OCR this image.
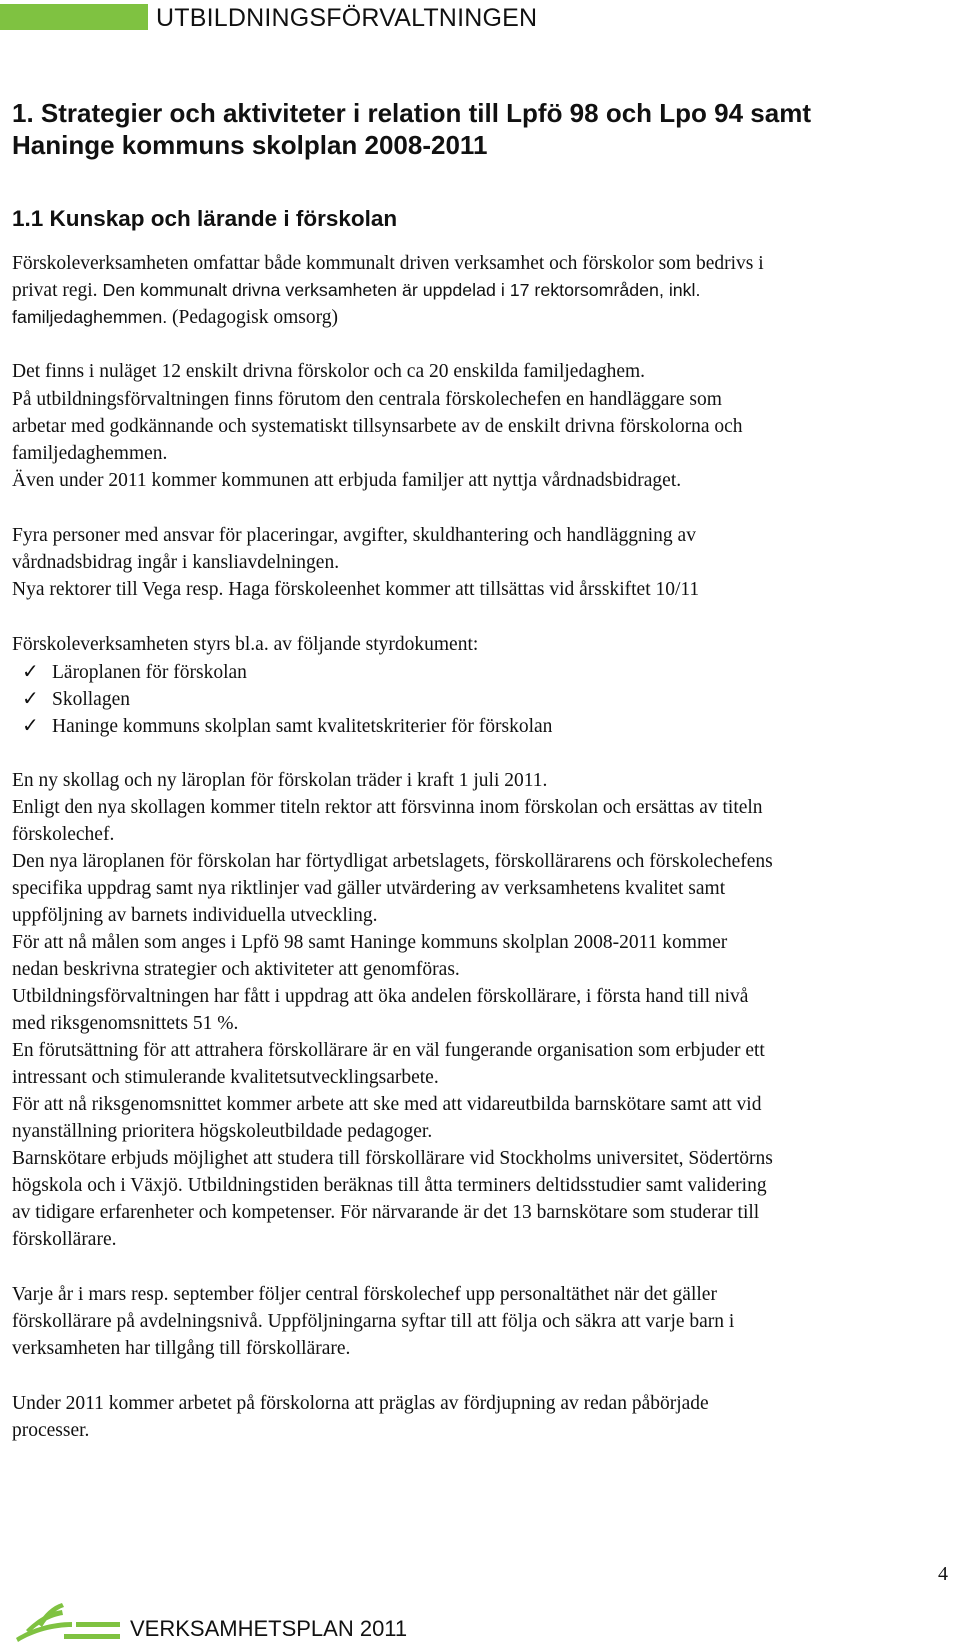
UTBILDNINGSFÖRVALTNINGEN

1. Strategier och aktiviteter i relation till Lpfö 98 och Lpo 94 samt

Haninge kommuns skolplan 2008-2011

1.1 Kunskap och lärande i förskolan

Förskoleverksamheten omfattar både kommunalt driven verksamhet och förskolor som bedrivs i

privat regi. Den kommunalt drivna verksamheten är uppdelad i 17 rektorsområden, inkl.

familjedaghemmen. (Pedagogisk omsorg)

Det finns i nuläget 12 enskilt drivna förskolor och ca 20 enskilda familjedaghem.

På utbildningsförvaltningen finns förutom den centrala förskolechefen en handläggare som

arbetar med godkännande och systematiskt tillsynsarbete av de enskilt drivna förskolorna och

familjedaghemmen.

Även under 2011 kommer kommunen att erbjuda familjer att nyttja vårdnadsbidraget.

Fyra personer med ansvar för placeringar, avgifter, skuldhantering och handläggning av

vårdnadsbidrag ingår i kansliavdelningen.

Nya rektorer till Vega resp. Haga förskoleenhet kommer att tillsättas vid årsskiftet 10/11

Förskoleverksamheten styrs bl.a. av följande styrdokument:

✓ Läroplanen för förskolan
✓ Skollagen
✓ Haninge kommuns skolplan samt kvalitetskriterier för förskolan

En ny skollag och ny läroplan för förskolan träder i kraft 1 juli 2011.

Enligt den nya skollagen kommer titeln rektor att försvinna inom förskolan och ersättas av titeln

förskolechef.

Den nya läroplanen för förskolan har förtydligat arbetslagets, förskollärarens och förskolechefens

specifika uppdrag samt nya riktlinjer vad gäller utvärdering av verksamhetens kvalitet samt

uppföljning av barnets individuella utveckling.

För att nå målen som anges i Lpfö 98 samt Haninge kommuns skolplan 2008-2011 kommer

nedan beskrivna strategier och aktiviteter att genomföras.

Utbildningsförvaltningen har fått i uppdrag att öka andelen förskollärare, i första hand till nivå

med riksgenomsnittets 51 %.

En förutsättning för att attrahera förskollärare är en väl fungerande organisation som erbjuder ett

intressant och stimulerande kvalitetsutvecklingsarbete.

För att nå riksgenomsnittet kommer arbete att ske med att vidareutbilda barnskötare samt att vid

nyanställning prioritera högskoleutbildade pedagoger.

Barnskötare erbjuds möjlighet att studera till förskollärare vid Stockholms universitet, Södertörns

högskola och i Växjö. Utbildningstiden beräknas till åtta terminers deltidsstudier samt validering

av tidigare erfarenheter och kompetenser. För närvarande är det 13 barnskötare som studerar till

förskollärare.

Varje år i mars resp. september följer central förskolechef upp personaltäthet när det gäller

förskollärare på avdelningsnivå. Uppföljningarna syftar till att följa och säkra att varje barn i

verksamheten har tillgång till förskollärare.

Under 2011 kommer arbetet på förskolorna att präglas av fördjupning av redan påbörjade

processer.

4
VERKSAMHETSPLAN 2011
